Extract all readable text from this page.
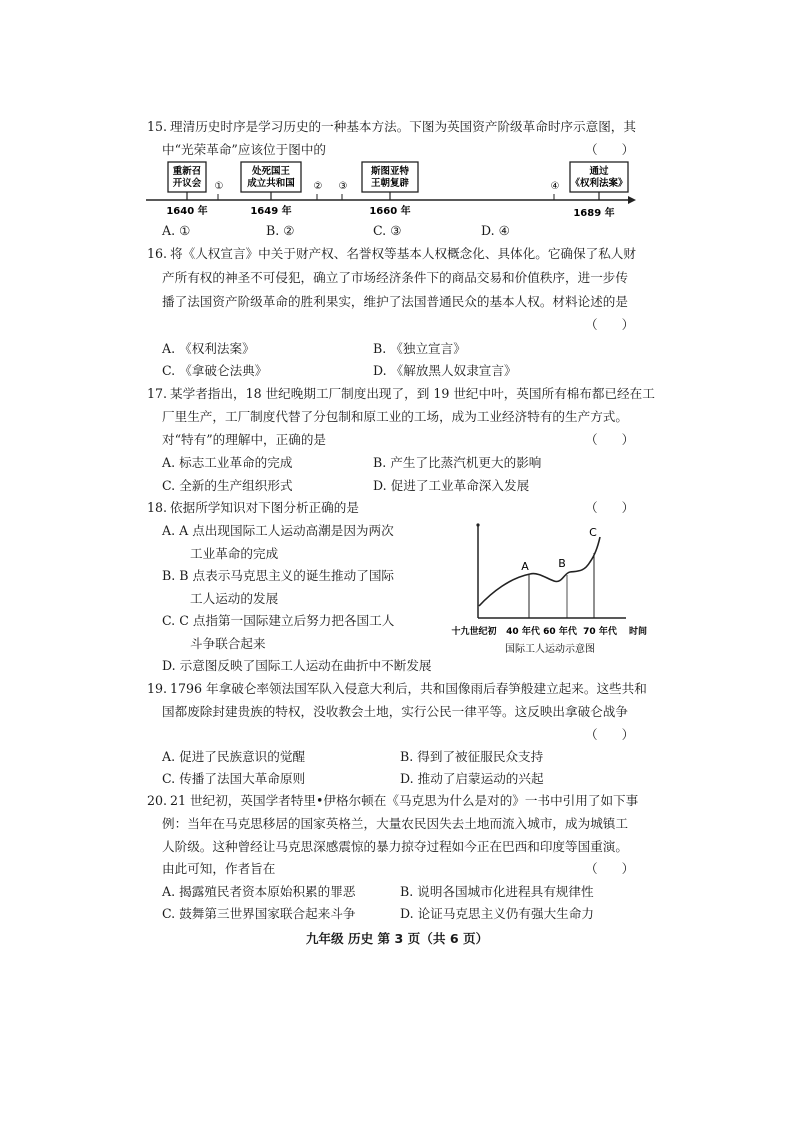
15. 理清历史时序是学习历史的一种基本方法。下图为英国资产阶级革命时序示意图，其
中“光荣革命”应该位于图中的	（      ）
重新召
开议会
处死国王
成立共和国
斯图亚特
王朝复辟
通过
《权利法案》
①	② ③	④
1640 年	1649 年	1660 年	1689 年
A. ①	B. ②	C. ③	D. ④
16. 将《人权宣言》中关于财产权、名誉权等基本人权概念化、具体化。它确保了私人财
产所有权的神圣不可侵犯，确立了市场经济条件下的商品交易和价值秩序，进一步传
播了法国资产阶级革命的胜利果实，维护了法国普通民众的基本人权。材料论述的是
（      ）
A. 《权利法案》	B. 《独立宣言》
C. 《拿破仑法典》	D. 《解放黑人奴隶宣言》
17. 某学者指出，18 世纪晚期工厂制度出现了，到 19 世纪中叶，英国所有棉布都已经在工
厂里生产，工厂制度代替了分包制和原工业的工场，成为工业经济特有的生产方式。
对“特有”的理解中，正确的是	（      ）
A. 标志工业革命的完成	B. 产生了比蒸汽机更大的影响
C. 全新的生产组织形式	D. 促进了工业革命深入发展
18. 依据所学知识对下图分析正确的是	（      ）
A. A 点出现国际工人运动高潮是因为两次
工业革命的完成
B. B 点表示马克思主义的诞生推动了国际
工人运动的发展
C. C 点指第一国际建立后努力把各国工人
斗争联合起来
D. 示意图反映了国际工人运动在曲折中不断发展
A	B
C
十九世纪初 40 年代 60 年代 70 年代 时间
国际工人运动示意图
19. 1796 年拿破仑率领法国军队入侵意大利后，共和国像雨后春笋般建立起来。这些共和
国都废除封建贵族的特权，没收教会土地，实行公民一律平等。这反映出拿破仑战争
（      ）
A. 促进了民族意识的觉醒	B. 得到了被征服民众支持
C. 传播了法国大革命原则	D. 推动了启蒙运动的兴起
20. 21 世纪初，英国学者特里•伊格尔顿在《马克思为什么是对的》一书中引用了如下事
例：当年在马克思移居的国家英格兰，大量农民因失去土地而流入城市，成为城镇工
人阶级。这种曾经让马克思深感震惊的暴力掠夺过程如今正在巴西和印度等国重演。
由此可知，作者旨在	（      ）
A. 揭露殖民者资本原始积累的罪恶	B. 说明各国城市化进程具有规律性
C. 鼓舞第三世界国家联合起来斗争	D. 论证马克思主义仍有强大生命力
九年级 历史 第 3 页（共 6 页）
